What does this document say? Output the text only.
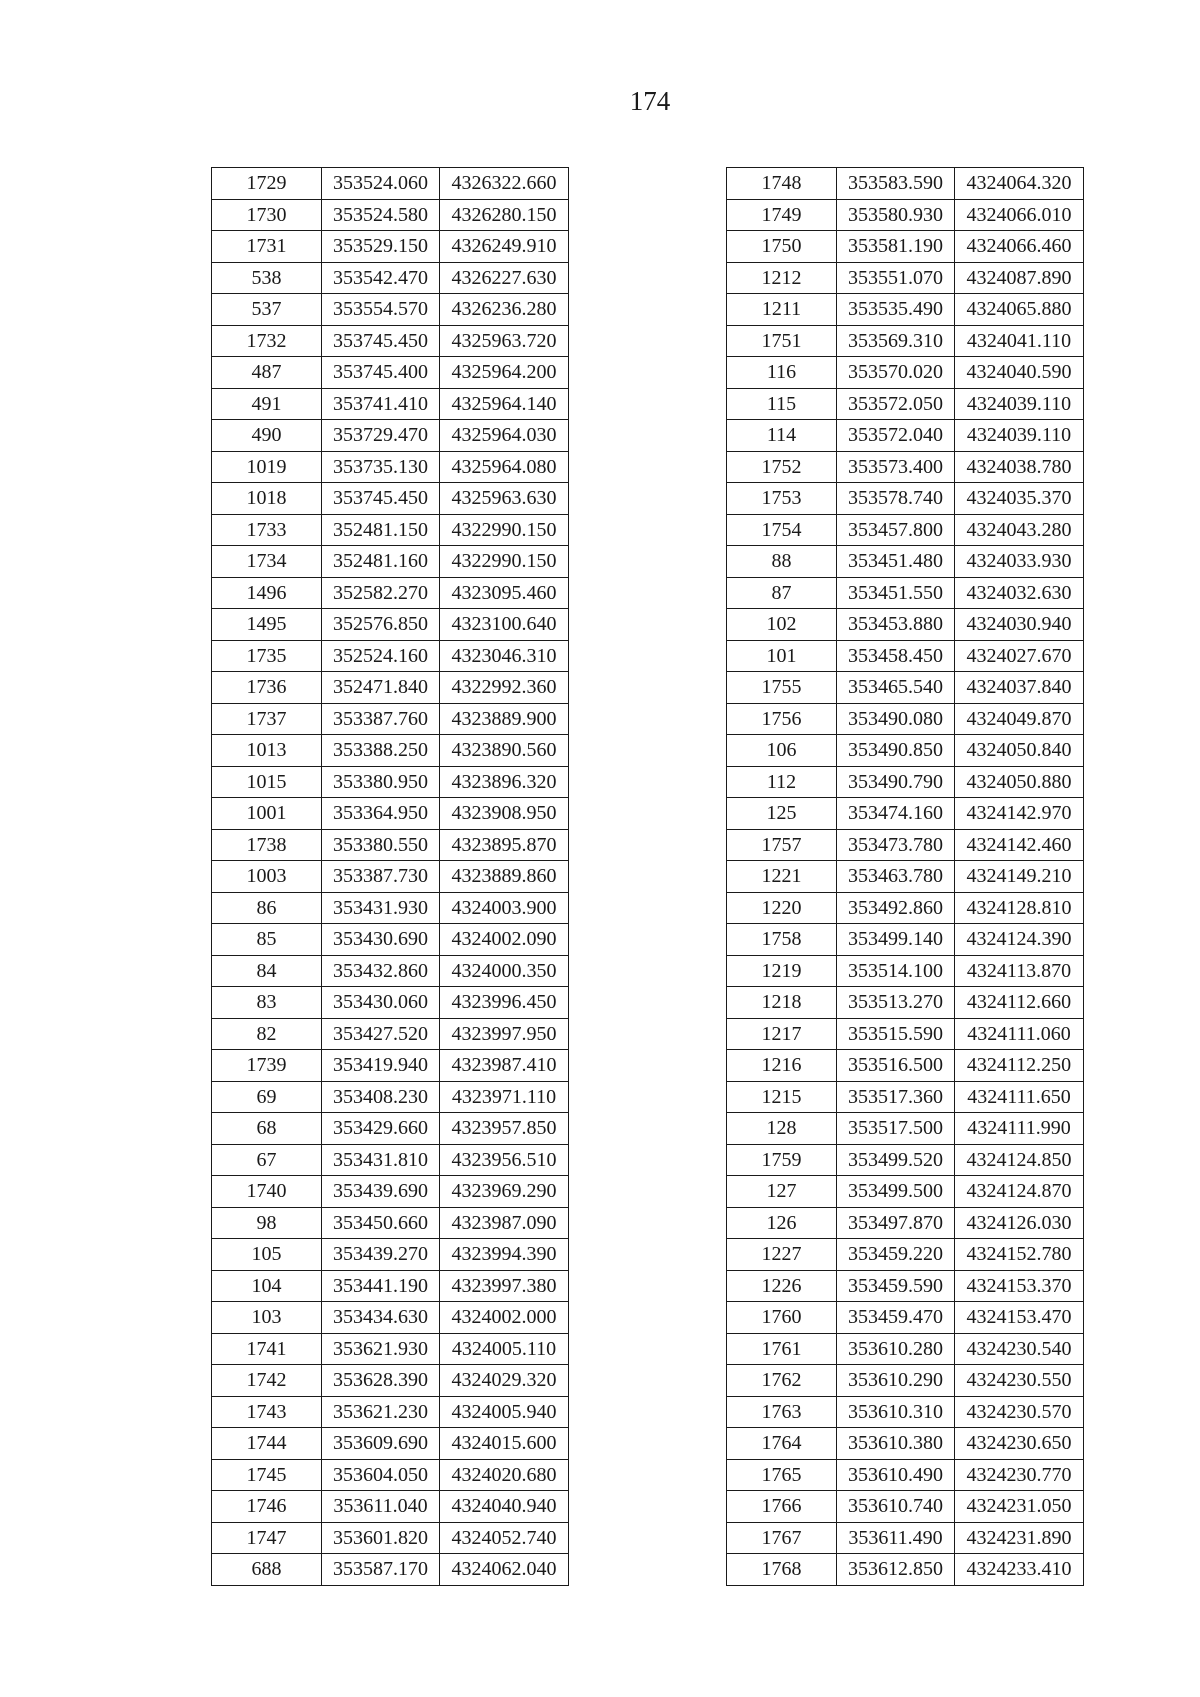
174
1729	353524.060	4326322.660
1730	353524.580	4326280.150
1731	353529.150	4326249.910
538	353542.470	4326227.630
537	353554.570	4326236.280
1732	353745.450	4325963.720
487	353745.400	4325964.200
491	353741.410	4325964.140
490	353729.470	4325964.030
1019	353735.130	4325964.080
1018	353745.450	4325963.630
1733	352481.150	4322990.150
1734	352481.160	4322990.150
1496	352582.270	4323095.460
1495	352576.850	4323100.640
1735	352524.160	4323046.310
1736	352471.840	4322992.360
1737	353387.760	4323889.900
1013	353388.250	4323890.560
1015	353380.950	4323896.320
1001	353364.950	4323908.950
1738	353380.550	4323895.870
1003	353387.730	4323889.860
86	353431.930	4324003.900
85	353430.690	4324002.090
84	353432.860	4324000.350
83	353430.060	4323996.450
82	353427.520	4323997.950
1739	353419.940	4323987.410
69	353408.230	4323971.110
68	353429.660	4323957.850
67	353431.810	4323956.510
1740	353439.690	4323969.290
98	353450.660	4323987.090
105	353439.270	4323994.390
104	353441.190	4323997.380
103	353434.630	4324002.000
1741	353621.930	4324005.110
1742	353628.390	4324029.320
1743	353621.230	4324005.940
1744	353609.690	4324015.600
1745	353604.050	4324020.680
1746	353611.040	4324040.940
1747	353601.820	4324052.740
688	353587.170	4324062.040
1748	353583.590	4324064.320
1749	353580.930	4324066.010
1750	353581.190	4324066.460
1212	353551.070	4324087.890
1211	353535.490	4324065.880
1751	353569.310	4324041.110
116	353570.020	4324040.590
115	353572.050	4324039.110
114	353572.040	4324039.110
1752	353573.400	4324038.780
1753	353578.740	4324035.370
1754	353457.800	4324043.280
88	353451.480	4324033.930
87	353451.550	4324032.630
102	353453.880	4324030.940
101	353458.450	4324027.670
1755	353465.540	4324037.840
1756	353490.080	4324049.870
106	353490.850	4324050.840
112	353490.790	4324050.880
125	353474.160	4324142.970
1757	353473.780	4324142.460
1221	353463.780	4324149.210
1220	353492.860	4324128.810
1758	353499.140	4324124.390
1219	353514.100	4324113.870
1218	353513.270	4324112.660
1217	353515.590	4324111.060
1216	353516.500	4324112.250
1215	353517.360	4324111.650
128	353517.500	4324111.990
1759	353499.520	4324124.850
127	353499.500	4324124.870
126	353497.870	4324126.030
1227	353459.220	4324152.780
1226	353459.590	4324153.370
1760	353459.470	4324153.470
1761	353610.280	4324230.540
1762	353610.290	4324230.550
1763	353610.310	4324230.570
1764	353610.380	4324230.650
1765	353610.490	4324230.770
1766	353610.740	4324231.050
1767	353611.490	4324231.890
1768	353612.850	4324233.410
